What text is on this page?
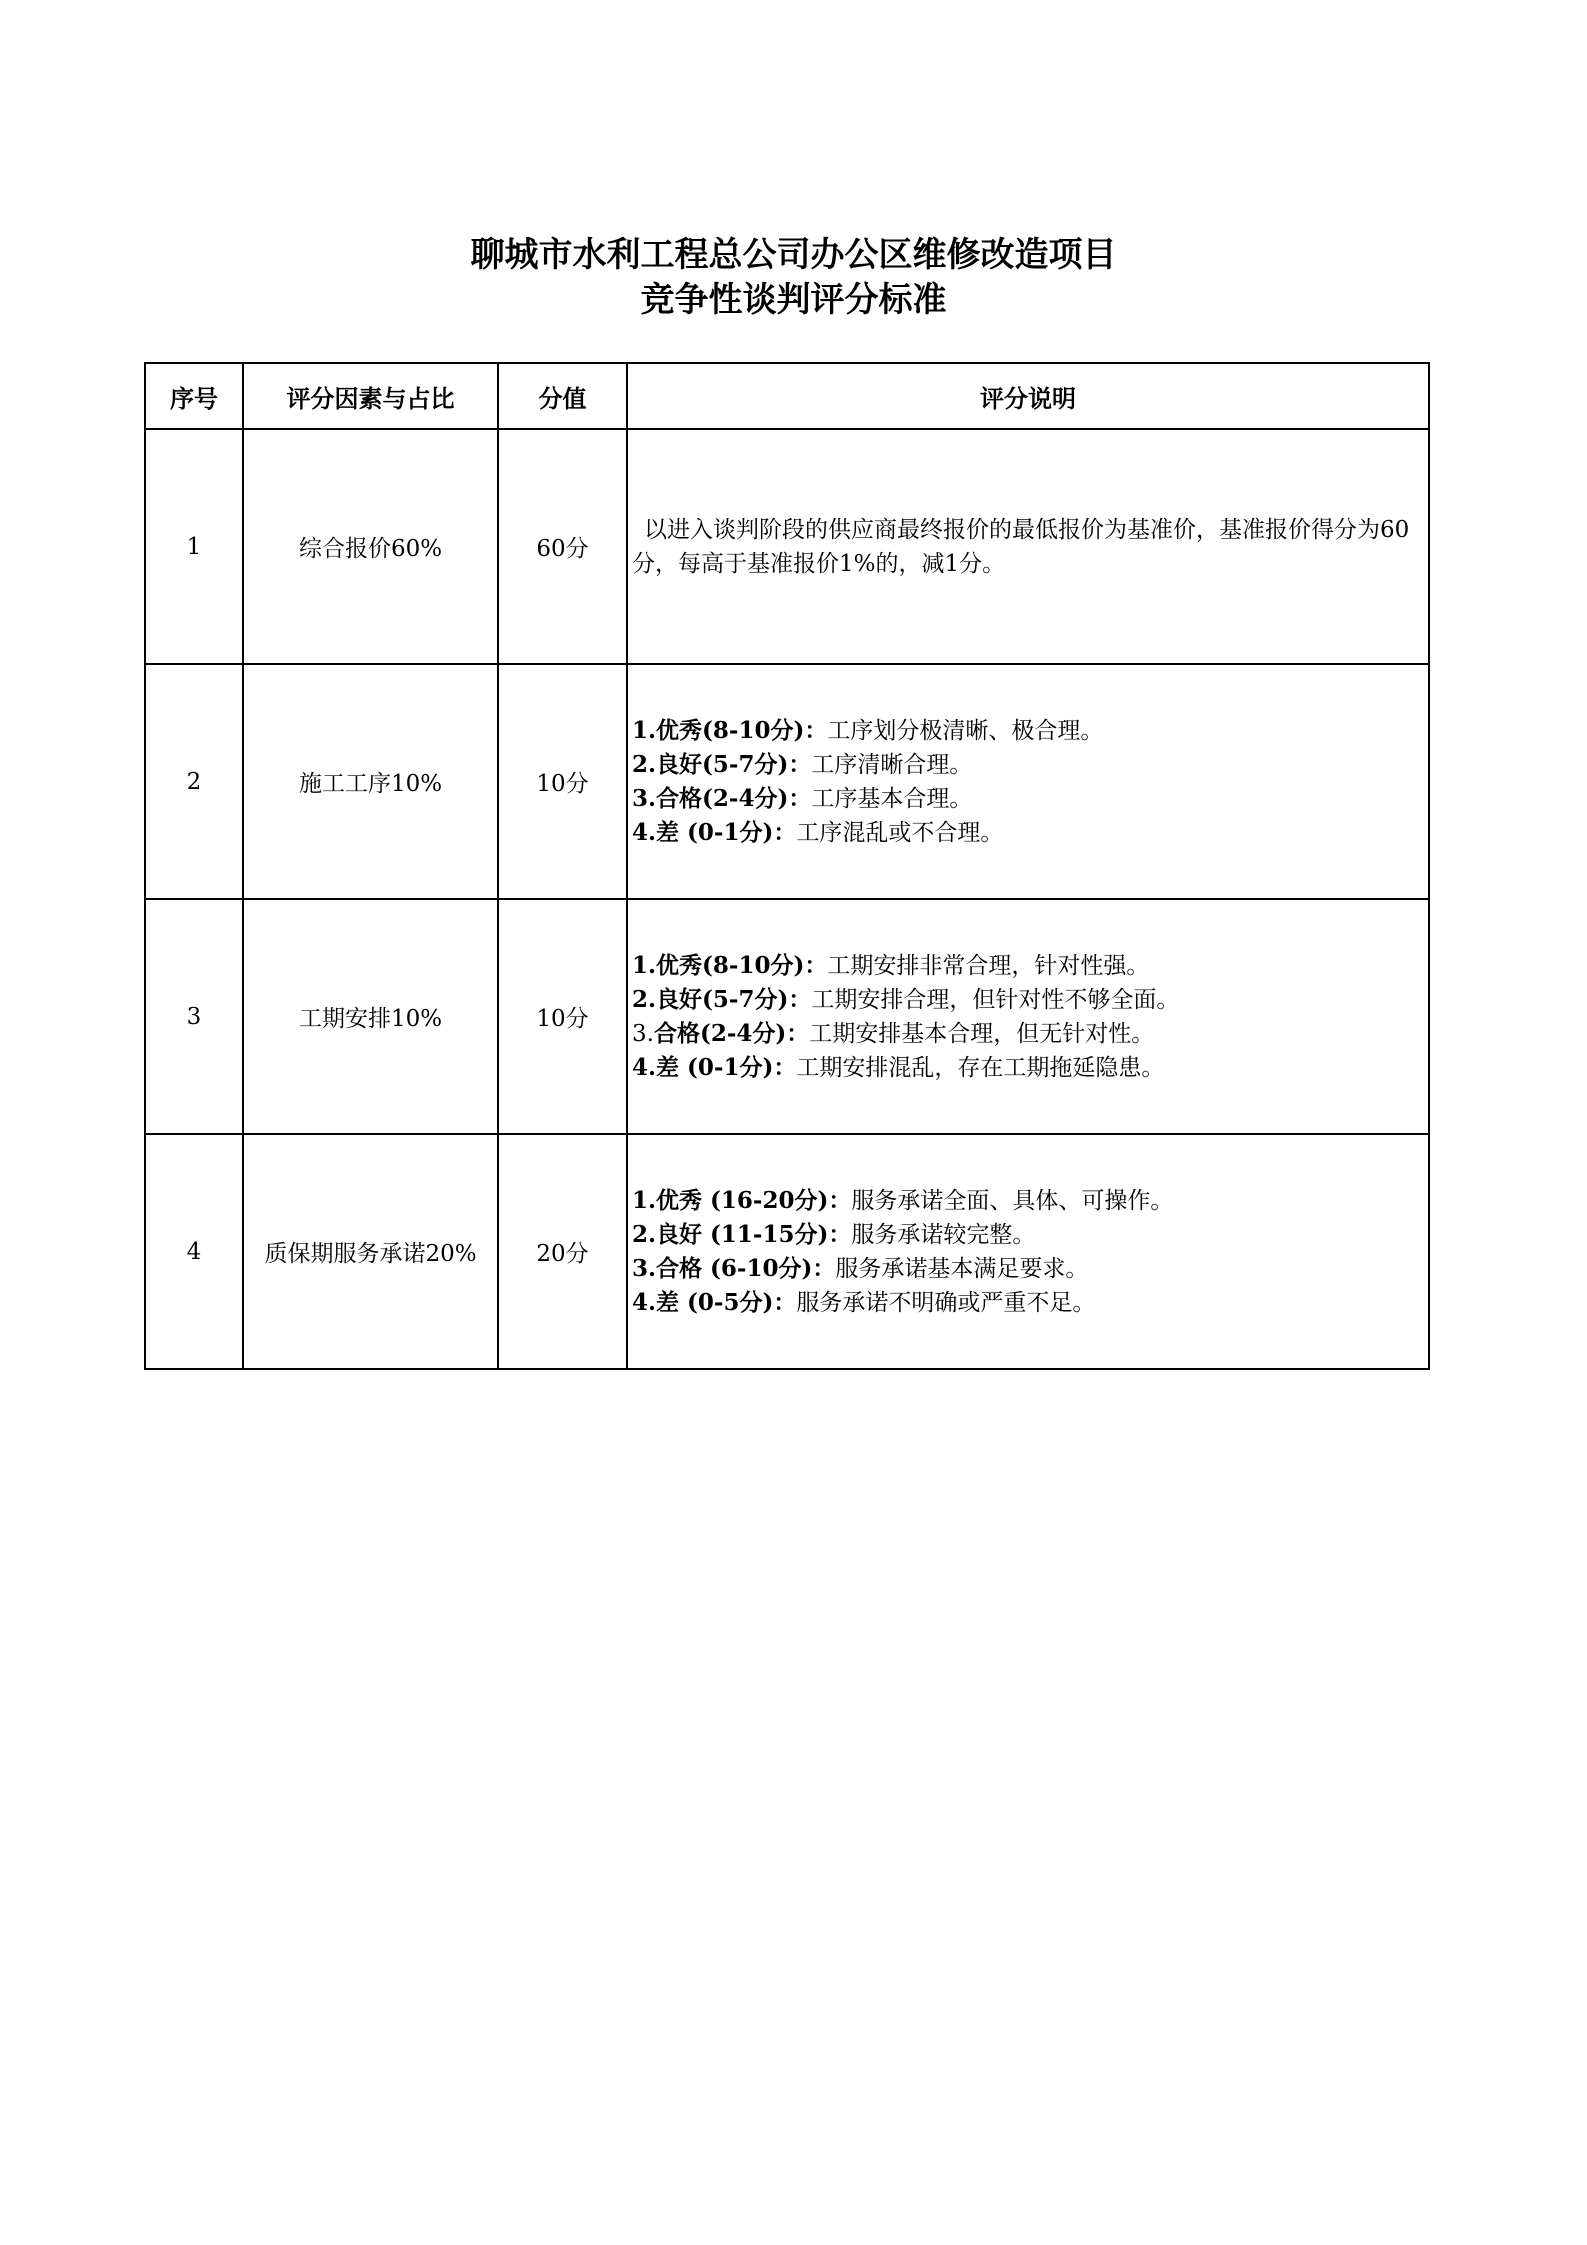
聊城市水利工程总公司办公区维修改造项目
竞争性谈判评分标准
序号	评分因素与占比	分值	评分说明
1	综合报价60%	60分	以进入谈判阶段的供应商最终报价的最低报价为基准价，基准报价得分为60分，每高于基准报价1%的，减1分。

2	施工工序10%	10分	1.优秀(8-10分)：工序划分极清晰、极合理。
2.良好(5-7分)：工序清晰合理。
3.合格(2-4分)：工序基本合理。
4.差 (0-1分)：工序混乱或不合理。

3	工期安排10%	10分	1.优秀(8-10分)：工期安排非常合理，针对性强。
2.良好(5-7分)：工期安排合理，但针对性不够全面。
3.合格(2-4分)：工期安排基本合理，但无针对性。
4.差 (0-1分)：工期安排混乱，存在工期拖延隐患。

4	质保期服务承诺20%	20分	1.优秀 (16-20分)：服务承诺全面、具体、可操作。
2.良好 (11-15分)：服务承诺较完整。
3.合格 (6-10分)：服务承诺基本满足要求。
4.差 (0-5分)：服务承诺不明确或严重不足。
